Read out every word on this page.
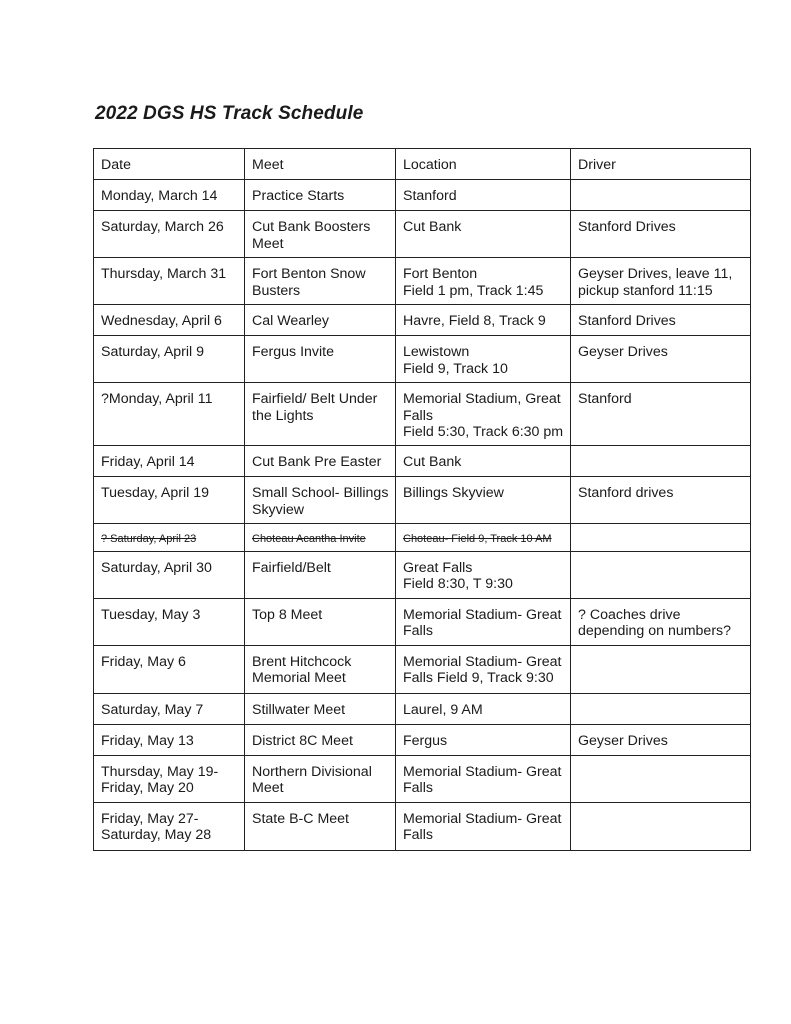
2022 DGS HS Track Schedule
Date	Meet	Location	Driver

Monday, March 14	Practice Starts	Stanford	

Saturday, March 26	Cut Bank Boosters
Meet	Cut Bank	Stanford Drives

Thursday, March 31	Fort Benton Snow
Busters	Fort Benton
Field 1 pm, Track 1:45	Geyser Drives, leave 11,
pickup stanford 11:15

Wednesday, April 6	Cal Wearley	Havre, Field 8, Track 9	Stanford Drives

Saturday, April 9	Fergus Invite	Lewistown
Field 9, Track 10	Geyser Drives

?Monday, April 11	Fairfield/ Belt Under
the Lights	Memorial Stadium, Great
Falls
Field 5:30, Track 6:30 pm	Stanford

Friday, April 14	Cut Bank Pre Easter	Cut Bank	

Tuesday, April 19	Small School- Billings
Skyview	Billings Skyview	Stanford drives

? Saturday, April 23	Choteau Acantha Invite	Choteau- Field 9, Track 10 AM	

Saturday, April 30	Fairfield/Belt	Great Falls
Field 8:30, T 9:30	

Tuesday, May 3	Top 8 Meet	Memorial Stadium- Great
Falls	? Coaches drive
depending on numbers?

Friday, May 6	Brent Hitchcock
Memorial Meet	Memorial Stadium- Great
Falls Field 9, Track 9:30	

Saturday, May 7	Stillwater Meet	Laurel, 9 AM	

Friday, May 13	District 8C Meet	Fergus	Geyser Drives

Thursday, May 19-
Friday, May 20	Northern Divisional
Meet	Memorial Stadium- Great
Falls	

Friday, May 27-
Saturday, May 28	State B-C Meet	Memorial Stadium- Great
Falls	
